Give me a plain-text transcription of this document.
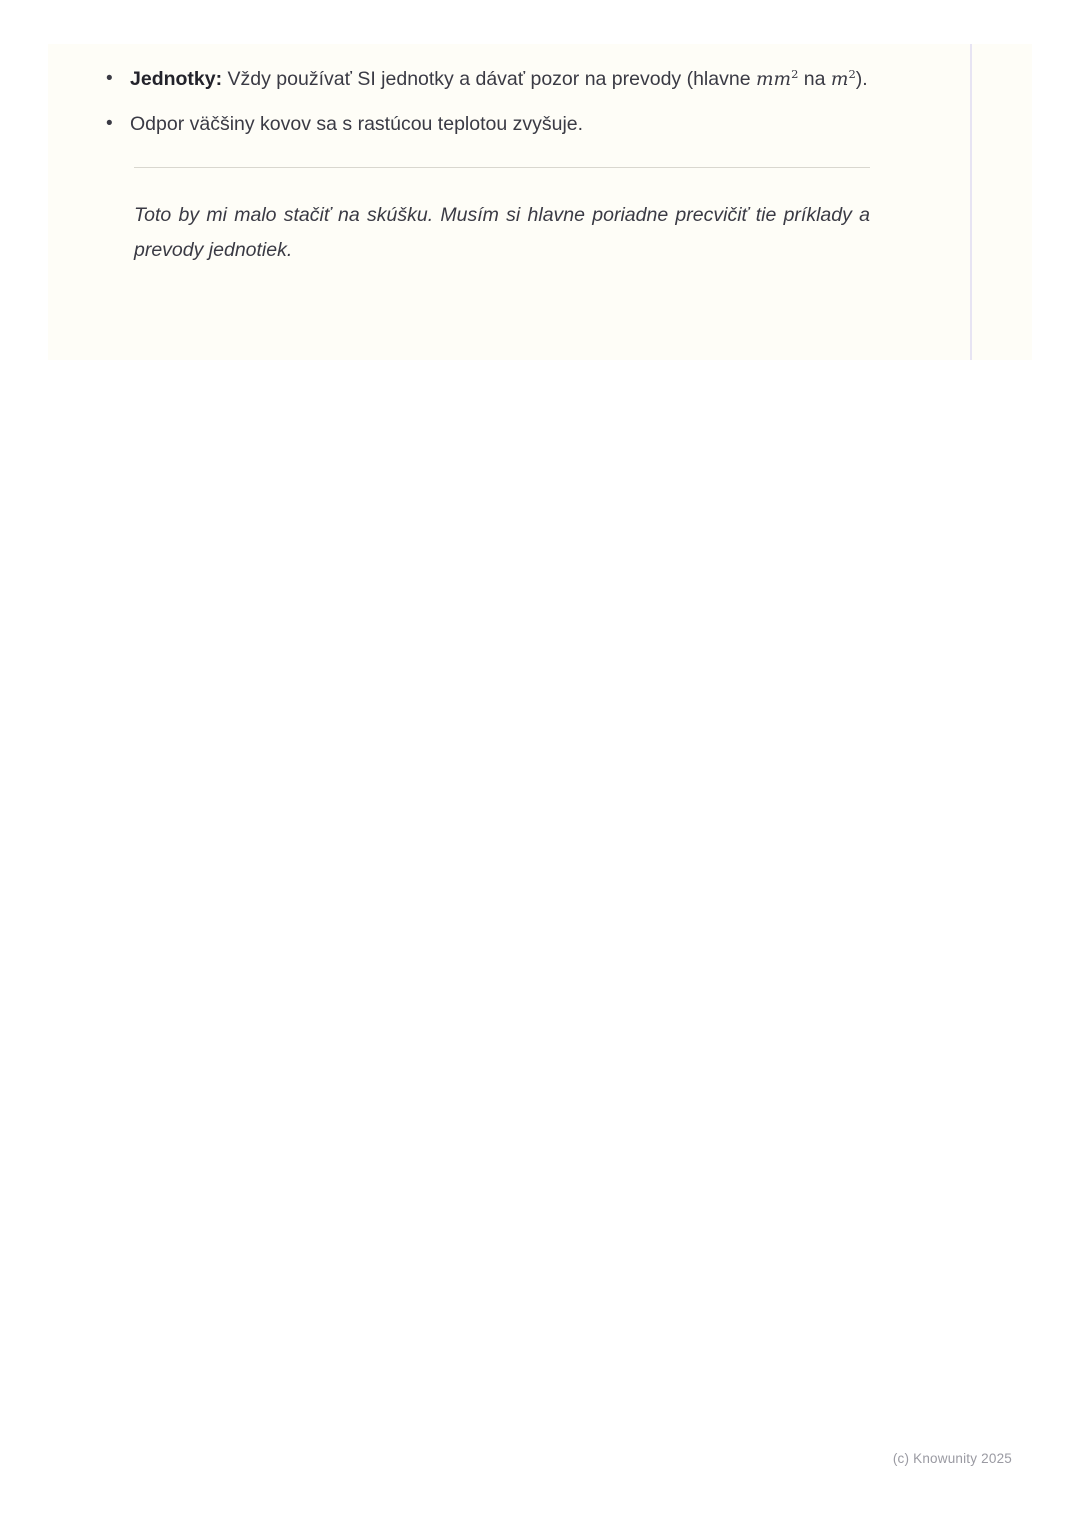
• Jednotky: Vždy používať SI jednotky a dávať pozor na prevody (hlavne $mm^2$ na $m^2$).
• Odpor väčšiny kovov sa s rastúcou teplotou zvyšuje.

Toto by mi malo stačiť na skúšku. Musím si hlavne poriadne precvičiť tie príklady a prevody jednotiek.

(c) Knowunity 2025
